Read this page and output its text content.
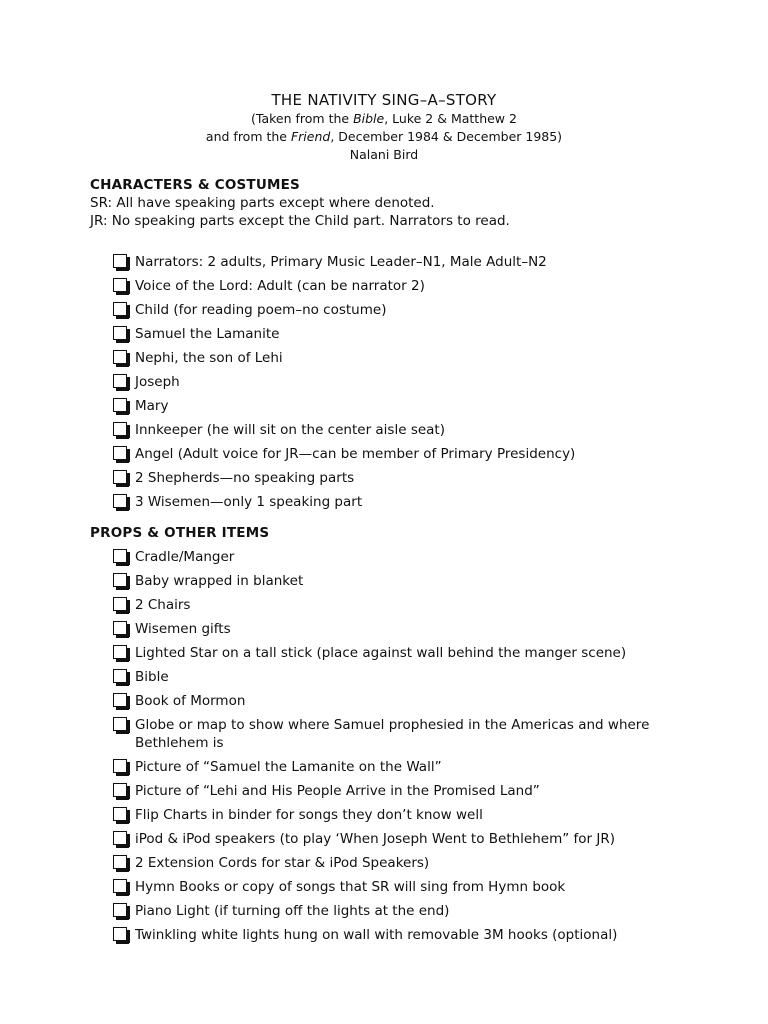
THE NATIVITY SING–A–STORY

(Taken from the Bible, Luke 2 & Matthew 2

and from the Friend, December 1984 & December 1985)

Nalani Bird

CHARACTERS & COSTUMES
SR: All have speaking parts except where denoted.
JR: No speaking parts except the Child part. Narrators to read.
Narrators: 2 adults, Primary Music Leader–N1, Male Adult–N2
Voice of the Lord: Adult (can be narrator 2)
Child (for reading poem–no costume)
Samuel the Lamanite
Nephi, the son of Lehi
Joseph
Mary
Innkeeper (he will sit on the center aisle seat)
Angel (Adult voice for JR—can be member of Primary Presidency)
2 Shepherds—no speaking parts
3 Wisemen—only 1 speaking part
PROPS & OTHER ITEMS
Cradle/Manger
Baby wrapped in blanket
2 Chairs
Wisemen gifts
Lighted Star on a tall stick (place against wall behind the manger scene)
Bible
Book of Mormon
Globe or map to show where Samuel prophesied in the Americas and where Bethlehem is
Picture of “Samuel the Lamanite on the Wall”
Picture of “Lehi and His People Arrive in the Promised Land”
Flip Charts in binder for songs they don’t know well
iPod & iPod speakers (to play ‘When Joseph Went to Bethlehem” for JR)
2 Extension Cords for star & iPod Speakers)
Hymn Books or copy of songs that SR will sing from Hymn book
Piano Light (if turning off the lights at the end)
Twinkling white lights hung on wall with removable 3M hooks (optional)
